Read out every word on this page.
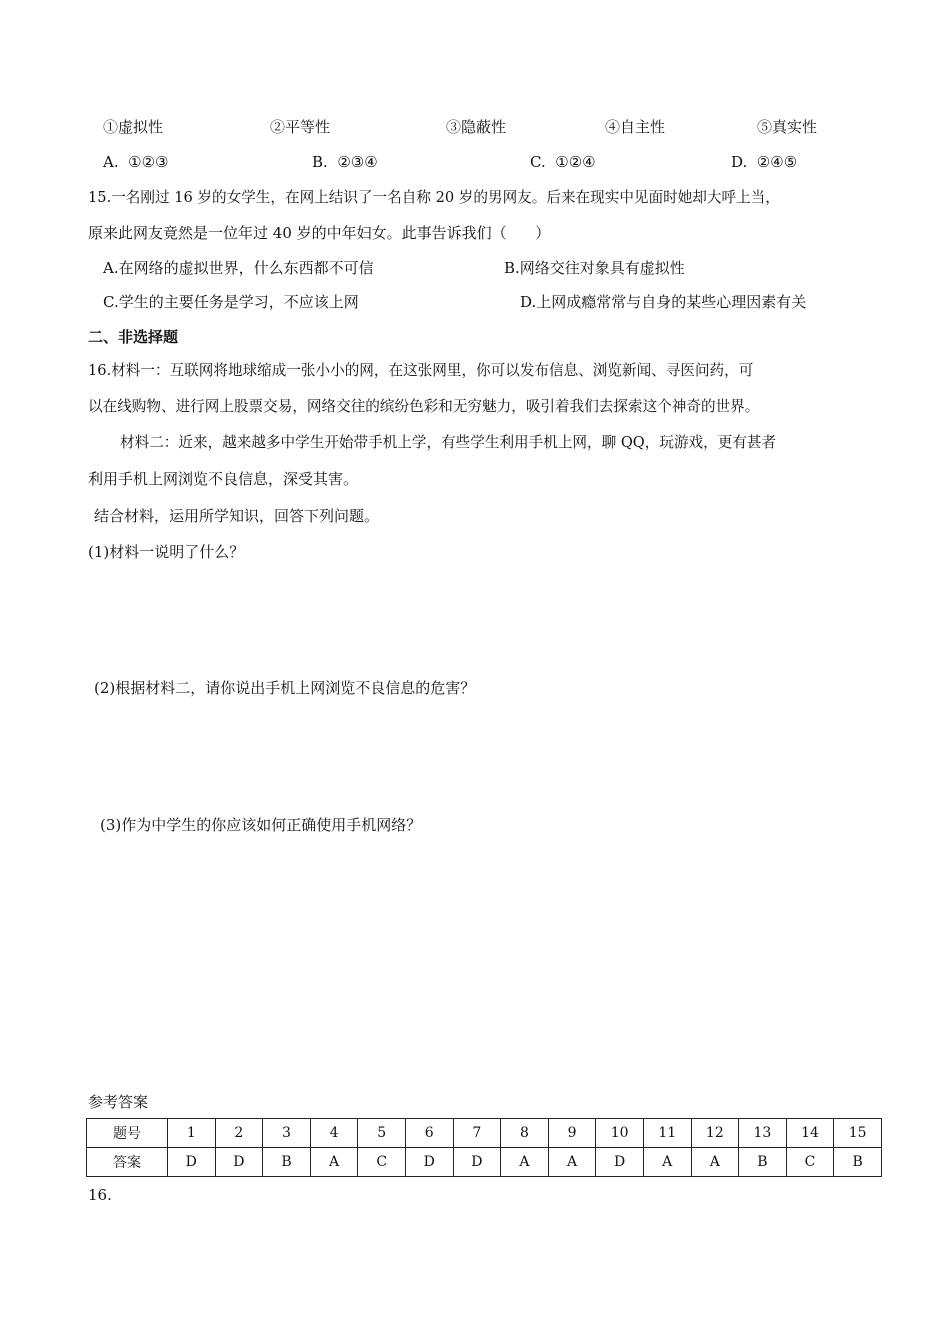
①虚拟性	②平等性	③隐蔽性	④自主性	⑤真实性
A.  ①②③	B.  ②③④	C.  ①②④	D.  ②④⑤
15.一名刚过 16 岁的女学生，在网上结识了一名自称 20 岁的男网友。后来在现实中见面时她却大呼上当，
原来此网友竟然是一位年过 40 岁的中年妇女。此事告诉我们（      ）
A.在网络的虚拟世界，什么东西都不可信	B.网络交往对象具有虚拟性
C.学生的主要任务是学习，不应该上网	D.上网成瘾常常与自身的某些心理因素有关
二、非选择题
16.材料一：互联网将地球缩成一张小小的网，在这张网里，你可以发布信息、浏览新闻、寻医问药，可
以在线购物、进行网上股票交易，网络交往的缤纷色彩和无穷魅力，吸引着我们去探索这个神奇的世界。
材料二：近来，越来越多中学生开始带手机上学，有些学生利用手机上网，聊 QQ，玩游戏，更有甚者
利用手机上网浏览不良信息，深受其害。
结合材料，运用所学知识，回答下列问题。
(1)材料一说明了什么？
(2)根据材料二，请你说出手机上网浏览不良信息的危害？
(3)作为中学生的你应该如何正确使用手机网络？
参考答案
题号	1	2	3	4	5	6	7	8	9	10	11	12	13	14	15
答案	D	D	B	A	C	D	D	A	A	D	A	A	B	C	B
16.
